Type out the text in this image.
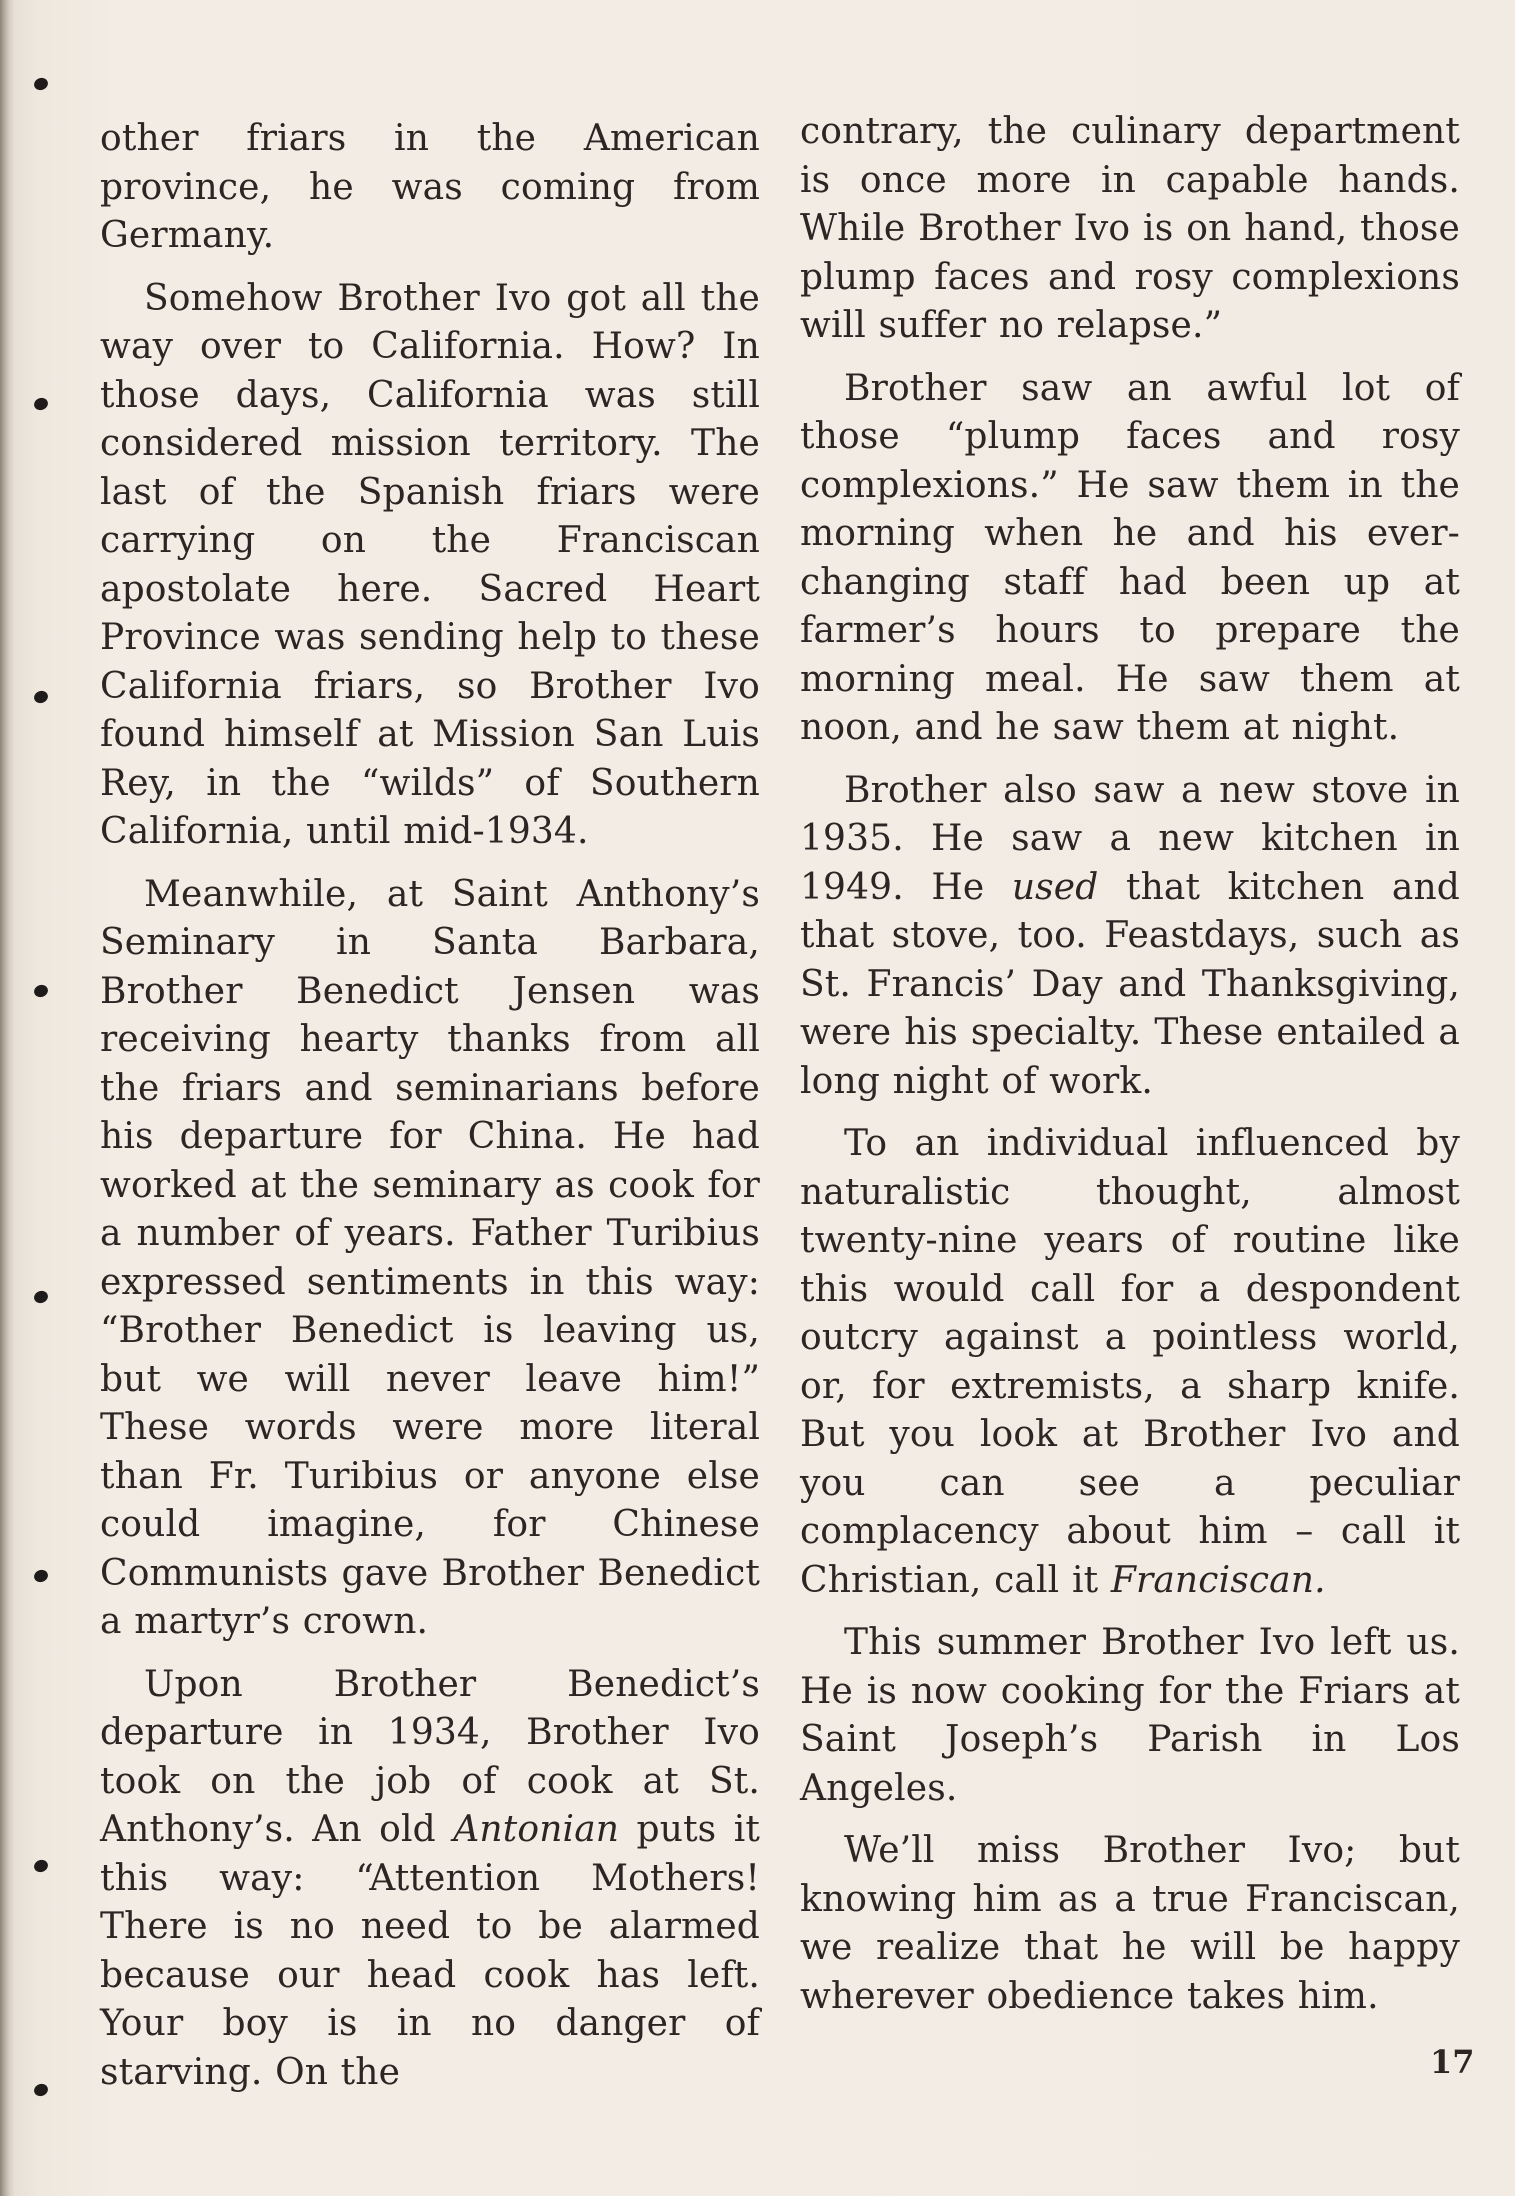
other friars in the American province, he was coming from Germany.

Somehow Brother Ivo got all the way over to California. How? In those days, California was still considered mission territory. The last of the Spanish friars were carrying on the Franciscan apostolate here. Sacred Heart Province was sending help to these California friars, so Brother Ivo found himself at Mission San Luis Rey, in the “wilds” of Southern California, until mid-1934.

Meanwhile, at Saint Anthony’s Seminary in Santa Barbara, Brother Benedict Jensen was receiving hearty thanks from all the friars and seminarians before his departure for China. He had worked at the seminary as cook for a number of years. Father Turibius expressed sentiments in this way: “Brother Benedict is leaving us, but we will never leave him!” These words were more literal than Fr. Turibius or anyone else could imagine, for Chinese Communists gave Brother Benedict a martyr’s crown.

Upon Brother Benedict’s departure in 1934, Brother Ivo took on the job of cook at St. Anthony’s. An old Antonian puts it this way: “Attention Mothers! There is no need to be alarmed because our head cook has left. Your boy is in no danger of starving. On the

contrary, the culinary department is once more in capable hands. While Brother Ivo is on hand, those plump faces and rosy complexions will suffer no relapse.”

Brother saw an awful lot of those “plump faces and rosy complexions.” He saw them in the morning when he and his ever-changing staff had been up at farmer’s hours to prepare the morning meal. He saw them at noon, and he saw them at night.

Brother also saw a new stove in 1935. He saw a new kitchen in 1949. He used that kitchen and that stove, too. Feastdays, such as St. Francis’ Day and Thanksgiving, were his specialty. These entailed a long night of work.

To an individual influenced by naturalistic thought, almost twenty-nine years of routine like this would call for a despondent outcry against a pointless world, or, for extremists, a sharp knife. But you look at Brother Ivo and you can see a peculiar complacency about him – call it Christian, call it Franciscan.

This summer Brother Ivo left us. He is now cooking for the Friars at Saint Joseph’s Parish in Los Angeles.

We’ll miss Brother Ivo; but knowing him as a true Franciscan, we realize that he will be happy wherever obedience takes him.

17
